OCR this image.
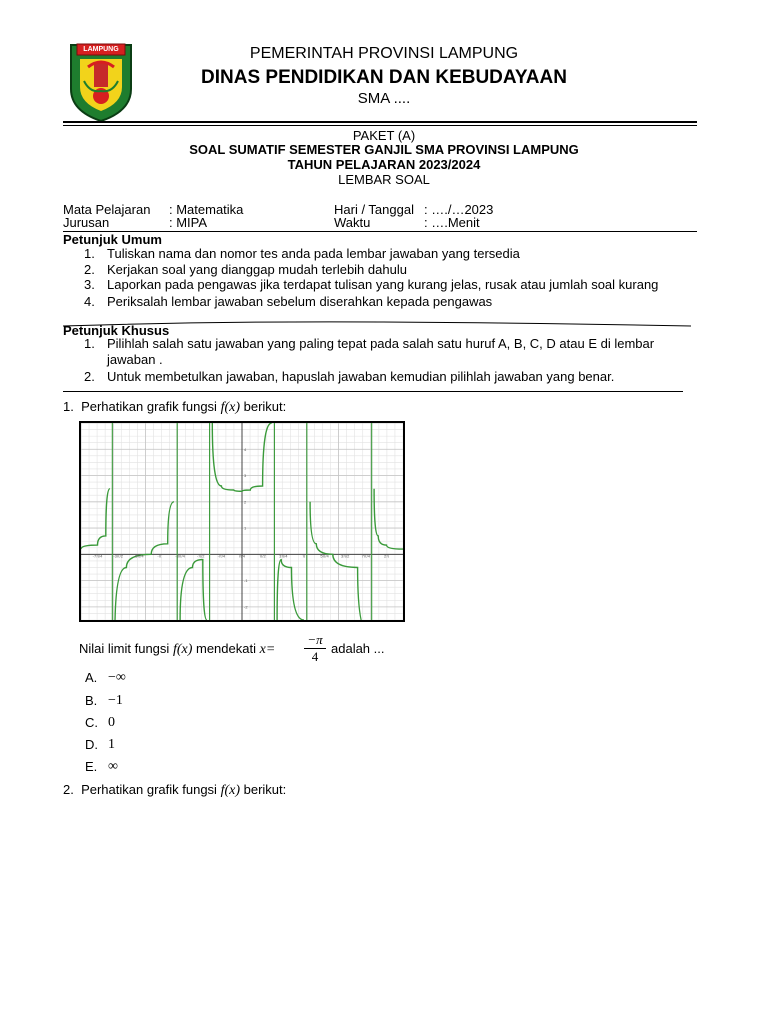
LAMPUNG	PEMERINTAH PROVINSI LAMPUNG
DINAS PENDIDIKAN DAN KEBUDAYAAN
SMA ....
PAKET (A)
SOAL SUMATIF SEMESTER GANJIL SMA PROVINSI LAMPUNG
TAHUN PELAJARAN 2023/2024
LEMBAR SOAL
Mata Pelajaran : Matematika	Hari / Tanggal : …./…2023
Jurusan	: MIPA	Waktu	: ….Menit
Petunjuk Umum
1. Tuliskan nama dan nomor tes anda pada lembar jawaban yang tersedia
2. Kerjakan soal yang dianggap mudah terlebih dahulu
3. Laporkan pada pengawas jika terdapat tulisan yang kurang jelas, rusak atau jumlah soal kurang
4. Periksalah lembar jawaban sebelum diserahkan kepada pengawas
Petunjuk Khusus
1. Pilihlah salah satu jawaban yang paling tepat pada salah satu huruf A, B, C, D atau E di lembar
jawaban .
2. Untuk membetulkan jawaban, hapuslah jawaban kemudian pilihlah jawaban yang benar.
1. Perhatikan grafik fungsi f(x) berikut:
-7π/4	-3π/2	-5π/4	-π	-3π/4	-π/2	-π/4	π/4	π/2	3π/4	π	5π/4	3π/2	7π/4	2π
4
3
2
1
-1
-2
Nilai limit fungsi f(x) mendekati x=
−π
4
adalah ...
A. −∞
B. −1
C. 0
D. 1
E. ∞
2. Perhatikan grafik fungsi f(x) berikut:
